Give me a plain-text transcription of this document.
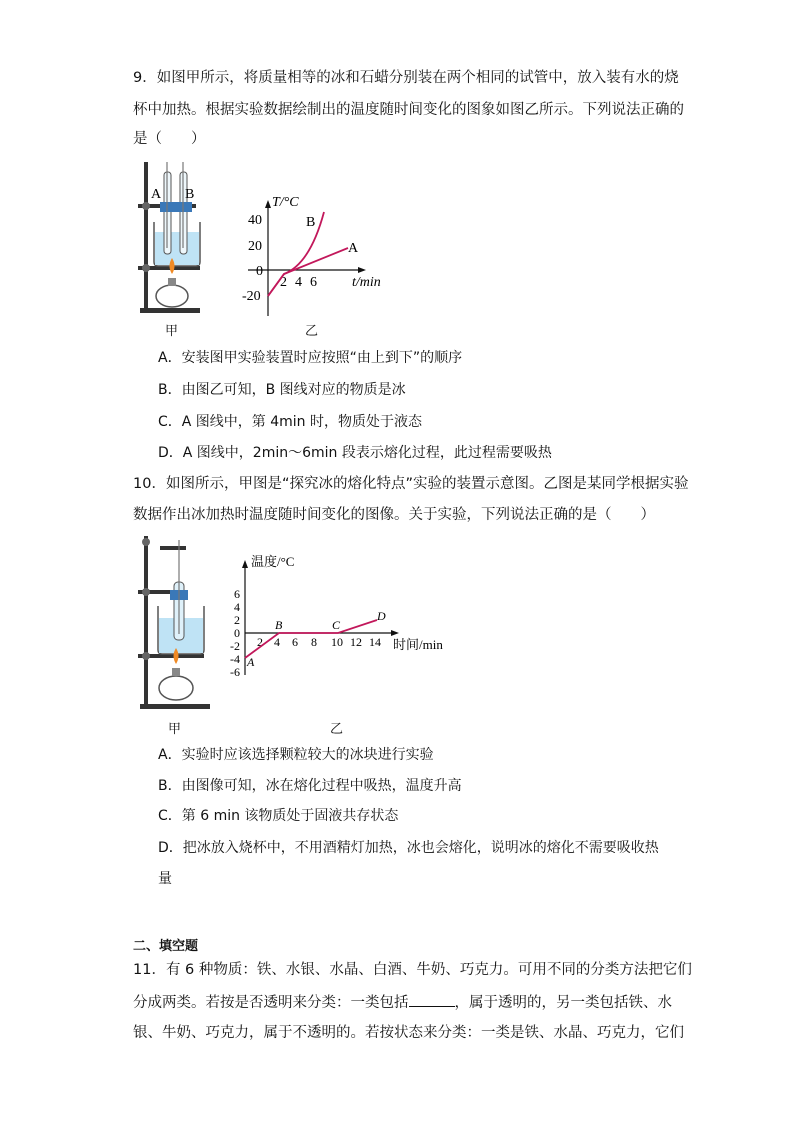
9．如图甲所示，将质量相等的冰和石蜡分别装在两个相同的试管中，放入装有水的烧
杯中加热。根据实验数据绘制出的温度随时间变化的图象如图乙所示。下列说法正确的
是（　　）
A B
甲
T/°C
t/min
40
20
0
-20
2 4 6
B
A
乙
A．安装图甲实验装置时应按照“由上到下”的顺序
B．由图乙可知，B 图线对应的物质是冰
C．A 图线中，第 4min 时，物质处于液态
D．A 图线中，2min～6min 段表示熔化过程，此过程需要吸热
10．如图所示，甲图是“探究冰的熔化特点”实验的装置示意图。乙图是某同学根据实验
数据作出冰加热时温度随时间变化的图像。关于实验，下列说法正确的是（　　）
甲
温度/°C
时间/min
6
4
2
0
-2
-4
-6
2 4 6 8 10 12 14
A
B	C
D
乙
A．实验时应该选择颗粒较大的冰块进行实验
B．由图像可知，冰在熔化过程中吸热，温度升高
C．第 6 min 该物质处于固液共存状态
D．把冰放入烧杯中，不用酒精灯加热，冰也会熔化，说明冰的熔化不需要吸收热
量
二、填空题
11．有 6 种物质：铁、水银、水晶、白酒、牛奶、巧克力。可用不同的分类方法把它们
分成两类。若按是否透明来分类：一类包括	，属于透明的，另一类包括铁、水
银、牛奶、巧克力，属于不透明的。若按状态来分类：一类是铁、水晶、巧克力，它们
